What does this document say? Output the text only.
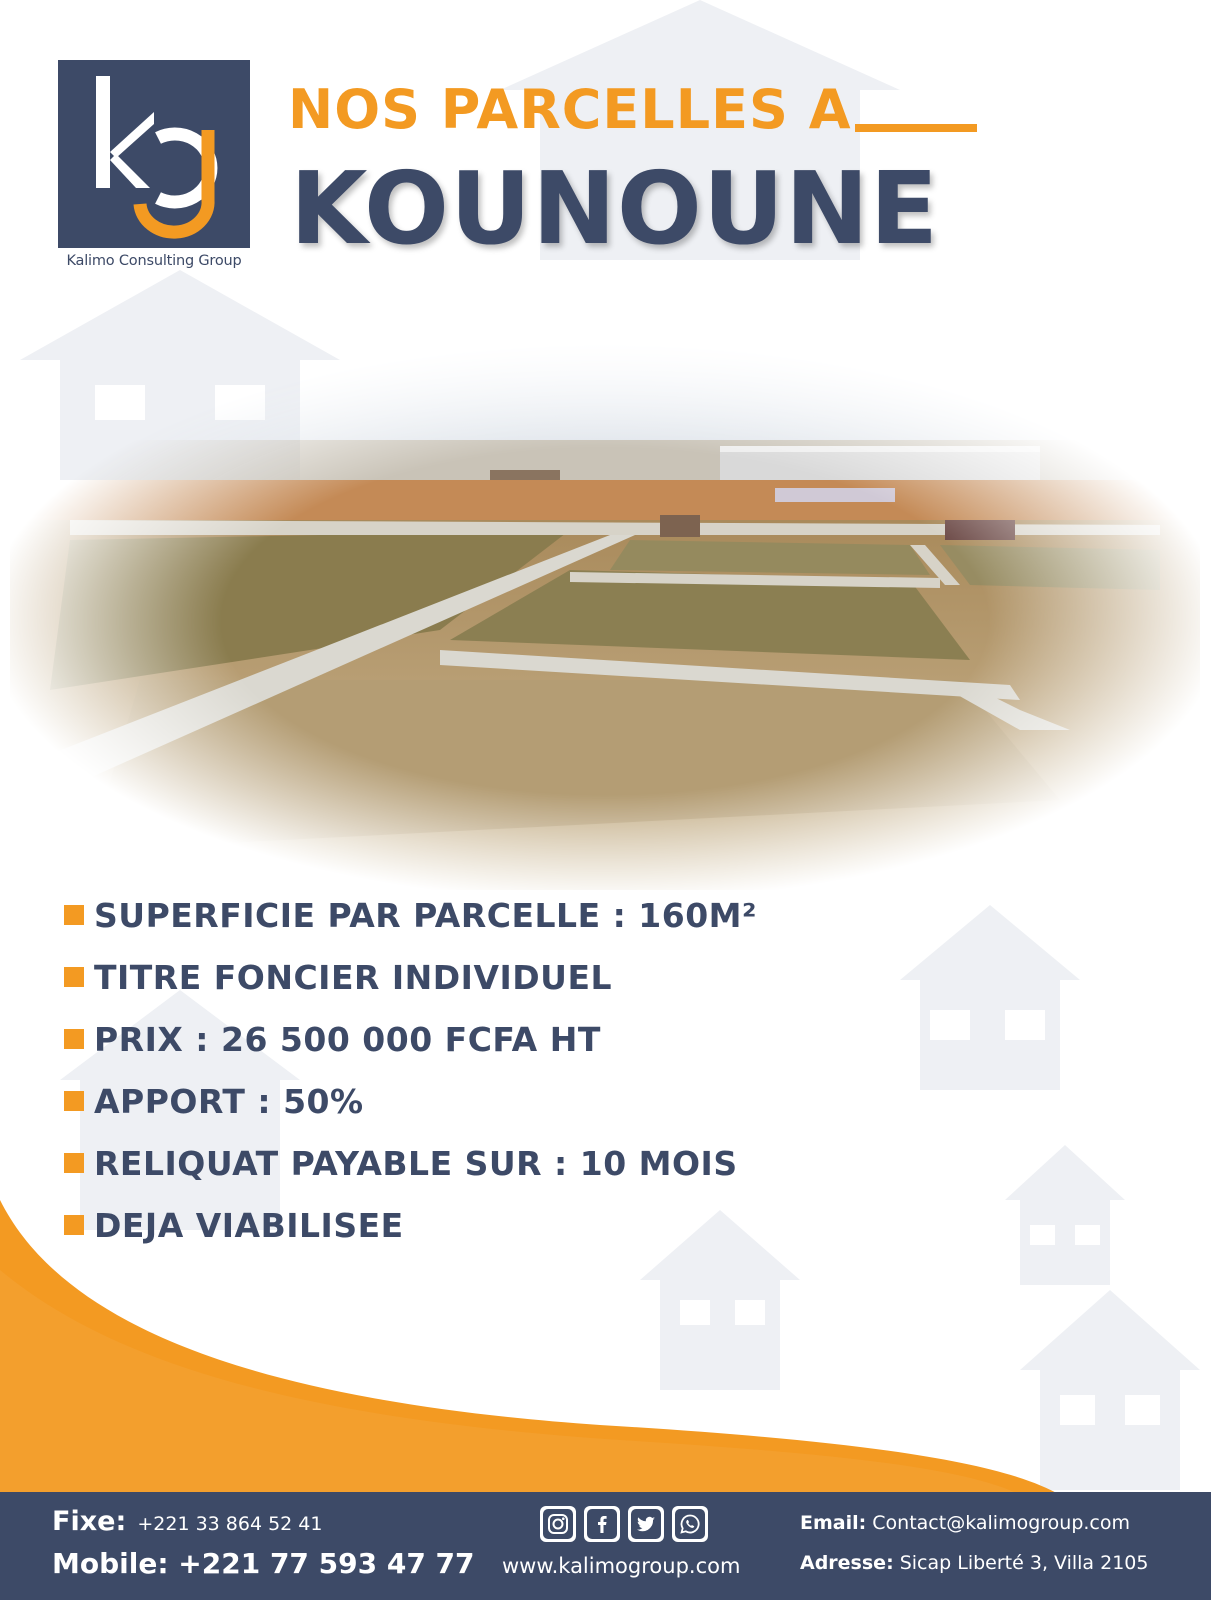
Kalimo Consulting Group
NOS PARCELLES A
KOUNOUNE
SUPERFICIE PAR PARCELLE : 160M²
TITRE FONCIER INDIVIDUEL
PRIX : 26 500 000 FCFA HT
APPORT : 50%
RELIQUAT PAYABLE SUR : 10 MOIS
DEJA VIABILISEE
Fixe: +221 33 864 52 41
Mobile: +221 77 593 47 77 www.kalimogroup.com
Email: Contact@kalimogroup.com
Adresse: Sicap Liberté 3, Villa 2105
